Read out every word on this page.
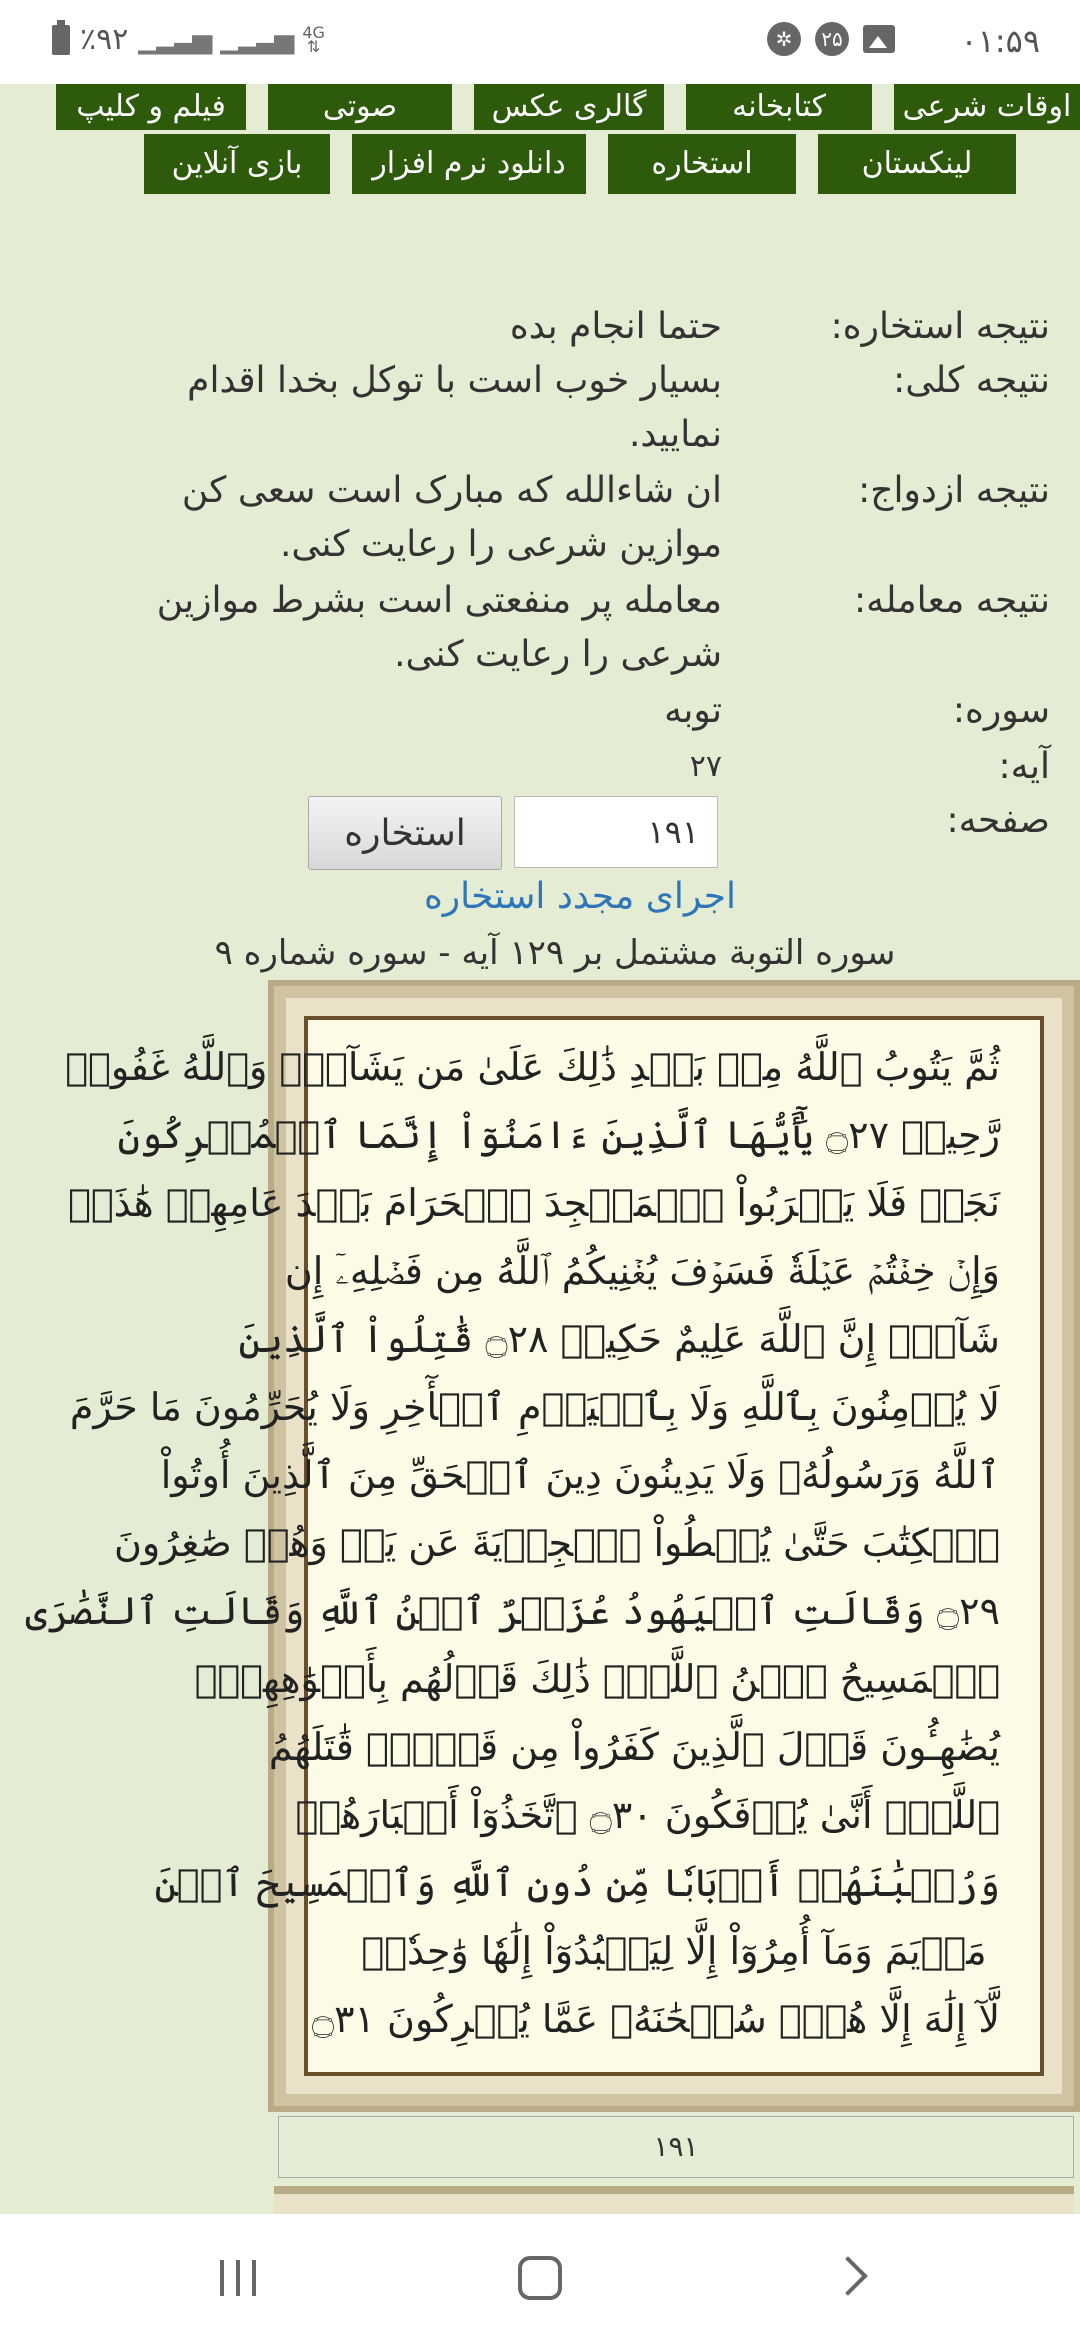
٪۹۲ ▁▂▃▅ ▁▂▃▅ 4G
⇅	✲	۲۵	۰۱:۵۹
اوقات شرعی
کتابخانه
گالری عکس
صوتی
فیلم و کلیپ
لینکستان
استخاره
دانلود نرم افزار
بازی آنلاین
نتیجه استخاره:
حتما انجام بده
نتیجه کلی:
بسیار خوب است با توکل بخدا اقدام
نمایید.
نتیجه ازدواج:
ان شاءالله که مبارک است سعی کن
موازین شرعی را رعایت کنی.
نتیجه معامله:
معامله پر منفعتی است بشرط موازین
شرعی را رعایت کنی.
سوره:
توبه
آیه:
۲۷
صفحه:
۱۹۱
استخاره
اجرای مجدد استخاره
سوره التوبة مشتمل بر ۱۲۹ آیه - سوره شماره ۹
ثُمَّ يَتُوبُ ٱللَّهُ مِنۢ بَعۡدِ ذَٰلِكَ عَلَىٰ مَن يَشَآءُۗ وَٱللَّهُ غَفُورٞ
رَّحِيمٞ ۝٢٧ يَٰٓأَيُّهَا ٱلَّذِينَ ءَامَنُوٓاْ إِنَّمَا ٱلۡمُشۡرِكُونَ
نَجَسٞ فَلَا يَقۡرَبُواْ ٱلۡمَسۡجِدَ ٱلۡحَرَامَ بَعۡدَ عَامِهِمۡ هَٰذَاۚ
وَإِنۡ خِفۡتُمۡ عَيۡلَةٗ فَسَوۡفَ يُغۡنِيكُمُ ٱللَّهُ مِن فَضۡلِهِۦٓ إِن
شَآءَۚ إِنَّ ٱللَّهَ عَلِيمٌ حَكِيمٞ ۝٢٨ قَٰتِلُواْ ٱلَّذِينَ
لَا يُؤۡمِنُونَ بِٱللَّهِ وَلَا بِٱلۡيَوۡمِ ٱلۡأٓخِرِ وَلَا يُحَرِّمُونَ مَا حَرَّمَ
ٱللَّهُ وَرَسُولُهُۥ وَلَا يَدِينُونَ دِينَ ٱلۡحَقِّ مِنَ ٱلَّذِينَ أُوتُواْ
ٱلۡكِتَٰبَ حَتَّىٰ يُعۡطُواْ ٱلۡجِزۡيَةَ عَن يَدٖ وَهُمۡ صَٰغِرُونَ
۝٢٩ وَقَالَتِ ٱلۡيَهُودُ عُزَيۡرٌ ٱبۡنُ ٱللَّهِ وَقَالَتِ ٱلنَّصَٰرَى
ٱلۡمَسِيحُ ٱبۡنُ ٱللَّهِۖ ذَٰلِكَ قَوۡلُهُم بِأَفۡوَٰهِهِمۡۖ
يُضَٰهِـُٔونَ قَوۡلَ ٱلَّذِينَ كَفَرُواْ مِن قَبۡلُۚ قَٰتَلَهُمُ
ٱللَّهُۖ أَنَّىٰ يُؤۡفَكُونَ ۝٣٠ ٱتَّخَذُوٓاْ أَحۡبَارَهُمۡ
وَرُهۡبَٰنَهُمۡ أَرۡبَابٗا مِّن دُونِ ٱللَّهِ وَٱلۡمَسِيحَ ٱبۡنَ
مَرۡيَمَ وَمَآ أُمِرُوٓاْ إِلَّا لِيَعۡبُدُوٓاْ إِلَٰهٗا وَٰحِدٗاۖ
لَّآ إِلَٰهَ إِلَّا هُوَۚ سُبۡحَٰنَهُۥ عَمَّا يُشۡرِكُونَ ۝٣١
۱۹۱
